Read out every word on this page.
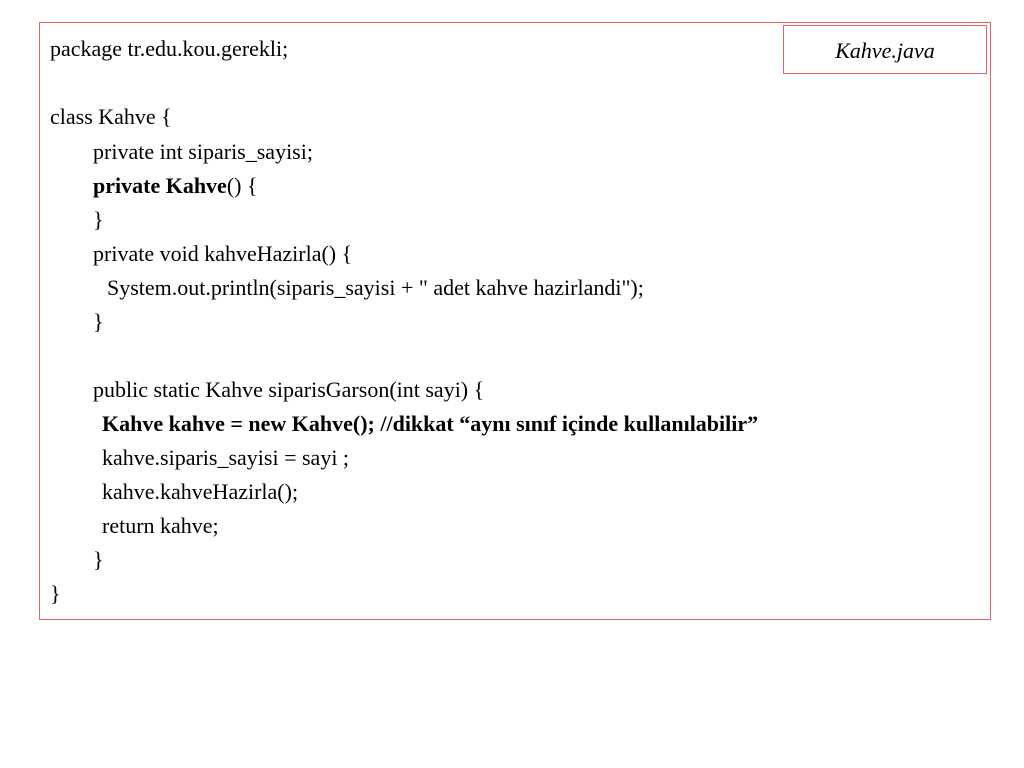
Kahve.java
package tr.edu.kou.gerekli;
class Kahve {
private int siparis_sayisi;
private Kahve() {
}
private void kahveHazirla() {
System.out.println(siparis_sayisi + " adet kahve hazirlandi");
}
public static Kahve siparisGarson(int sayi) {
Kahve kahve = new Kahve(); //dikkat “aynı sınıf içinde kullanılabilir”
kahve.siparis_sayisi = sayi ;
kahve.kahveHazirla();
return kahve;
}
}
